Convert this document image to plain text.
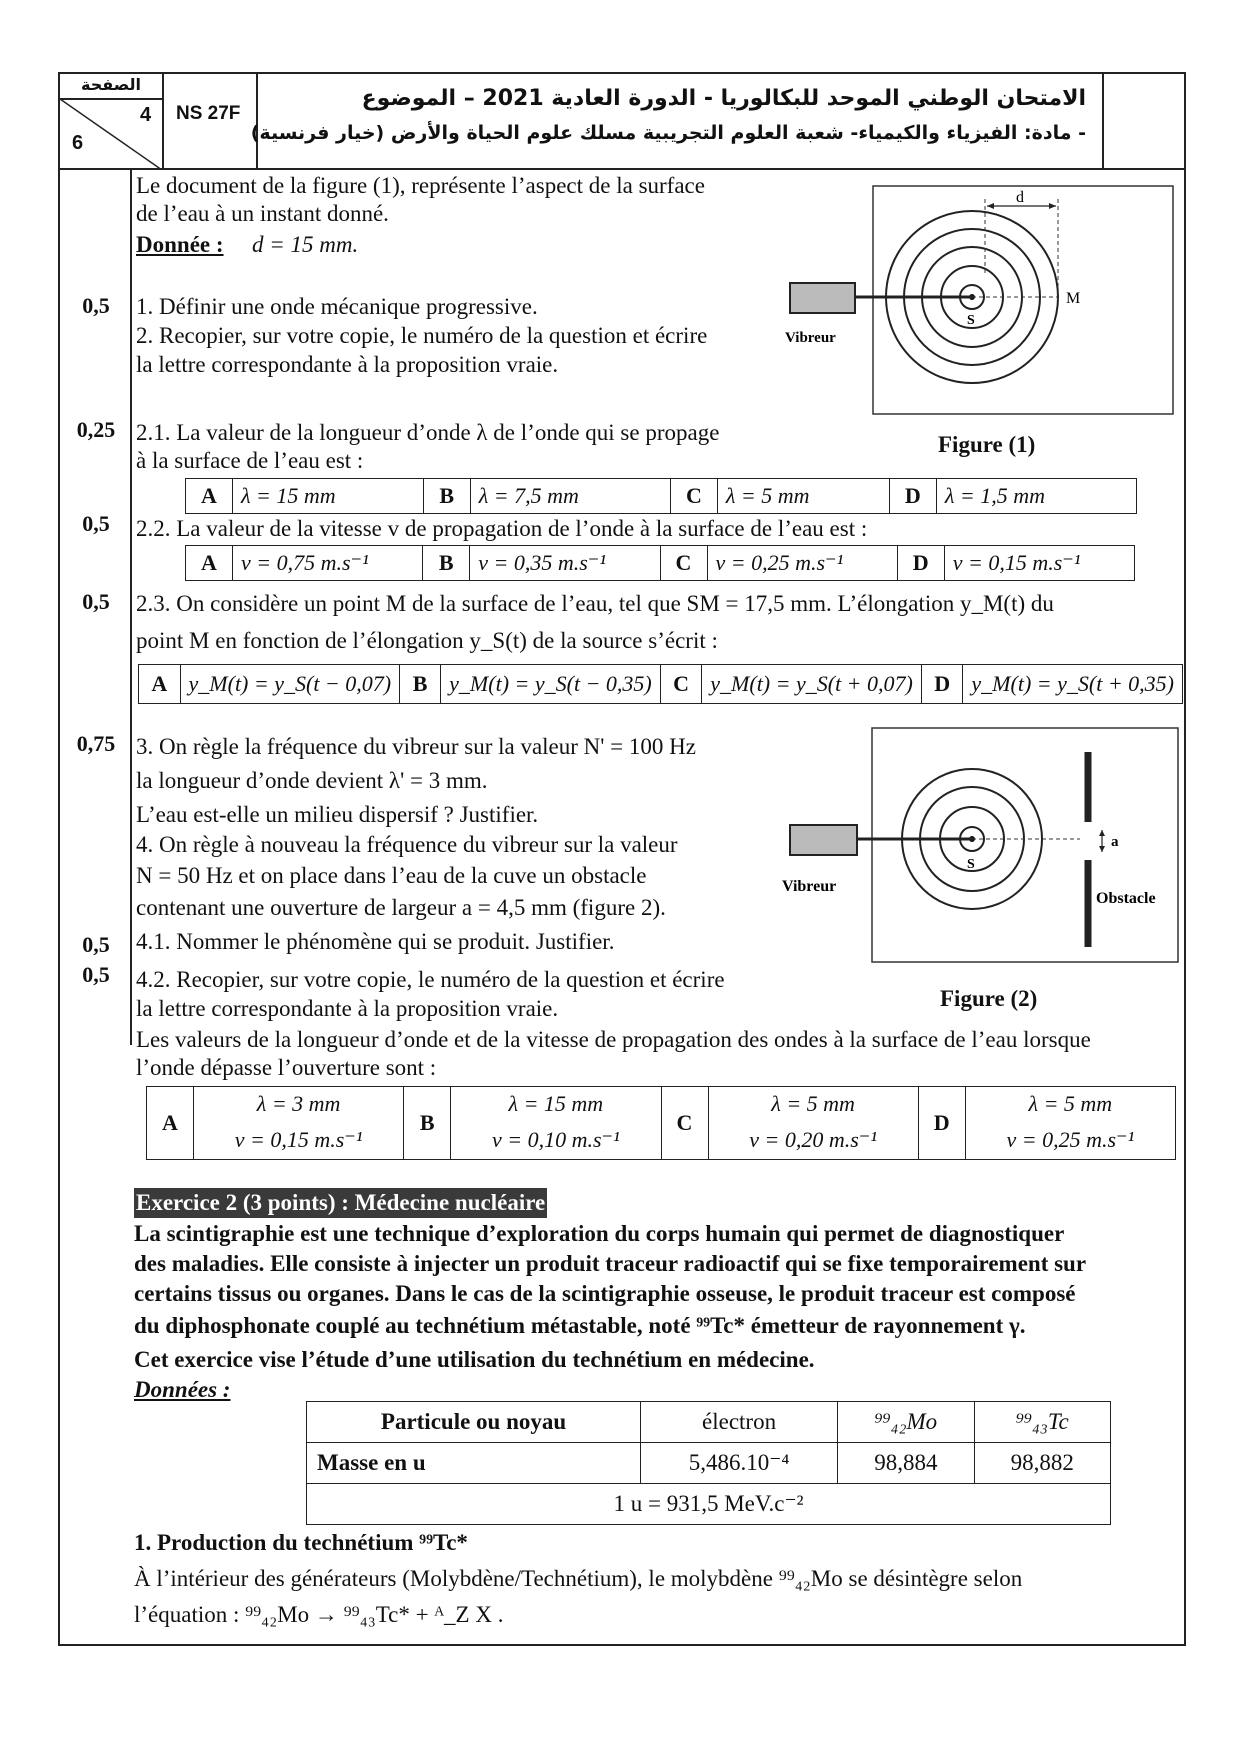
الصفحة
4
6
NS 27F
الامتحان الوطني الموحد للبكالوريا - الدورة العادية 2021 – الموضوع
- مادة: الفيزياء والكيمياء- شعبة العلوم التجريبية مسلك علوم الحياة والأرض (خيار فرنسية)
0,5
0,25
0,5
0,5
0,75
0,5
0,5
Le document de la figure (1), représente l’aspect de la surface
de l’eau à un instant donné.
Donnée : d = 15 mm.
1. Définir une onde mécanique progressive.
2. Recopier, sur votre copie, le numéro de la question et écrire
la lettre correspondante à la proposition vraie.
d
M
S
Vibreur
Figure (1)
2.1. La valeur de la longueur d’onde λ de l’onde qui se propage
à la surface de l’eau est :
A	λ = 15 mm	B	λ = 7,5 mm	C	λ = 5 mm	D	λ = 1,5 mm
2.2. La valeur de la vitesse v de propagation de l’onde à la surface de l’eau est :
A	v = 0,75 m.s⁻¹	B	v = 0,35 m.s⁻¹	C	v = 0,25 m.s⁻¹	D	v = 0,15 m.s⁻¹
2.3. On considère un point M de la surface de l’eau, tel que SM = 17,5 mm. L’élongation y_M(t) du
point M en fonction de l’élongation y_S(t) de la source s’écrit :
A	y_M(t) = y_S(t − 0,07)	B	y_M(t) = y_S(t − 0,35)	C	y_M(t) = y_S(t + 0,07)	D	y_M(t) = y_S(t + 0,35)
3. On règle la fréquence du vibreur sur la valeur N' = 100 Hz
la longueur d’onde devient λ' = 3 mm.
L’eau est-elle un milieu dispersif ? Justifier.
4. On règle à nouveau la fréquence du vibreur sur la valeur
N = 50 Hz et on place dans l’eau de la cuve un obstacle
contenant une ouverture de largeur a = 4,5 mm (figure 2).
4.1. Nommer le phénomène qui se produit. Justifier.
4.2. Recopier, sur votre copie, le numéro de la question et écrire
la lettre correspondante à la proposition vraie.
Les valeurs de la longueur d’onde et de la vitesse de propagation des ondes à la surface de l’eau lorsque
l’onde dépasse l’ouverture sont :
a
S
Vibreur
Obstacle
Figure (2)
A	λ = 3 mm	B	λ = 15 mm	C	λ = 5 mm	D	λ = 5 mm
	v = 0,15 m.s⁻¹		v = 0,10 m.s⁻¹		v = 0,20 m.s⁻¹		v = 0,25 m.s⁻¹
Exercice 2 (3 points) : Médecine nucléaire
La scintigraphie est une technique d’exploration du corps humain qui permet de diagnostiquer
des maladies. Elle consiste à injecter un produit traceur radioactif qui se fixe temporairement sur
certains tissus ou organes. Dans le cas de la scintigraphie osseuse, le produit traceur est composé
du diphosphonate couplé au technétium métastable, noté ⁹⁹Tc* émetteur de rayonnement γ.
Cet exercice vise l’étude d’une utilisation du technétium en médecine.
Données :
Particule ou noyau	électron	⁹⁹₄₂Mo	⁹⁹₄₃Tc
Masse en u	5,486.10⁻⁴	98,884	98,882
1 u = 931,5 MeV.c⁻²			
1. Production du technétium ⁹⁹Tc*
À l’intérieur des générateurs (Molybdène/Technétium), le molybdène ⁹⁹₄₂Mo se désintègre selon
l’équation : ⁹⁹₄₂Mo → ⁹⁹₄₃Tc* + ᴬ_Z X .
